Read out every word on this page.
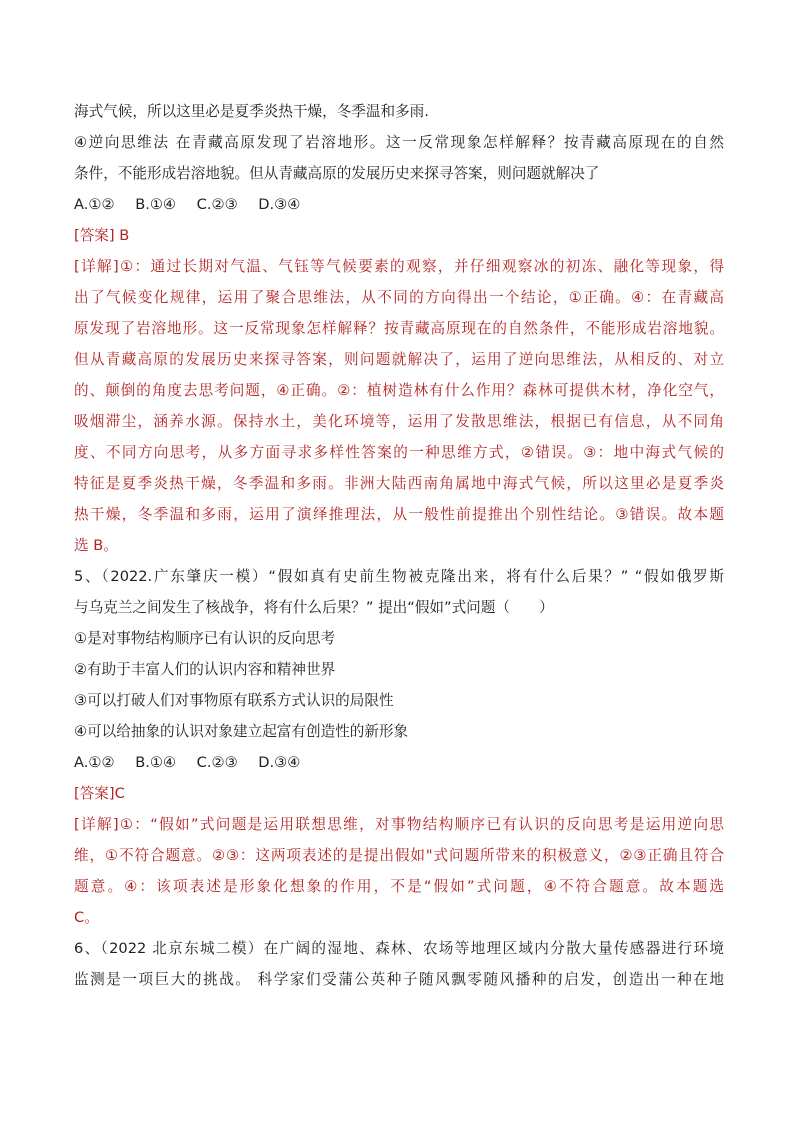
海式气候，所以这里必是夏季炎热干燥，冬季温和多雨.
④逆向思维法 在青藏高原发现了岩溶地形。这一反常现象怎样解释？按青藏高原现在的自然
条件，不能形成岩溶地貌。但从青藏高原的发展历史来探寻答案，则问题就解决了
A.①② B.①④ C.②③ D.③④
[答案] B
[详解]①：通过长期对气温、气钰等气候要素的观察，并仔细观察冰的初冻、融化等现象，得
出了气候变化规律，运用了聚合思维法，从不同的方向得出一个结论，①正确。④：在青藏高
原发现了岩溶地形。这一反常现象怎样解释？按青藏高原现在的自然条件，不能形成岩溶地貌。
但从青藏高原的发展历史来探寻答案，则问题就解决了，运用了逆向思维法，从相反的、对立
的、颠倒的角度去思考问题，④正确。②：植树造林有什么作用？森林可提供木材，净化空气，
吸烟滞尘，涵养水源。保持水土，美化环境等，运用了发散思维法，根据已有信息，从不同角
度、不同方向思考，从多方面寻求多样性答案的一种思维方式，②错误。③：地中海式气候的
特征是夏季炎热干燥，冬季温和多雨。非洲大陆西南角属地中海式气候，所以这里必是夏季炎
热干燥，冬季温和多雨，运用了演绎推理法，从一般性前提推出个别性结论。③错误。故本题
选 B。
5、（2022.广东肇庆一模）“假如真有史前生物被克隆出来，将有什么后果？” “假如俄罗斯
与乌克兰之间发生了核战争，将有什么后果？” 提出“假如”式问题（　　）
①是对事物结构顺序已有认识的反向思考
②有助于丰富人们的认识内容和精神世界
③可以打破人们对事物原有联系方式认识的局限性
④可以给抽象的认识对象建立起富有创造性的新形象
A.①② B.①④ C.②③ D.③④
[答案]C
[详解]①：“假如”式问题是运用联想思维，对事物结构顺序已有认识的反向思考是运用逆向思
维，①不符合题意。②③：这两项表述的是提出假如"式问题所带来的积极意义，②③正确且符合
题意。④：该项表述是形象化想象的作用，不是“假如”式问题，④不符合题意。故本题选
C。
6、（2022 北京东城二模）在广阔的湿地、森林、农场等地理区域内分散大量传感器进行环境
监测是一项巨大的挑战。 科学家们受蒲公英种子随风飘零随风播种的启发，创造出一种在地
